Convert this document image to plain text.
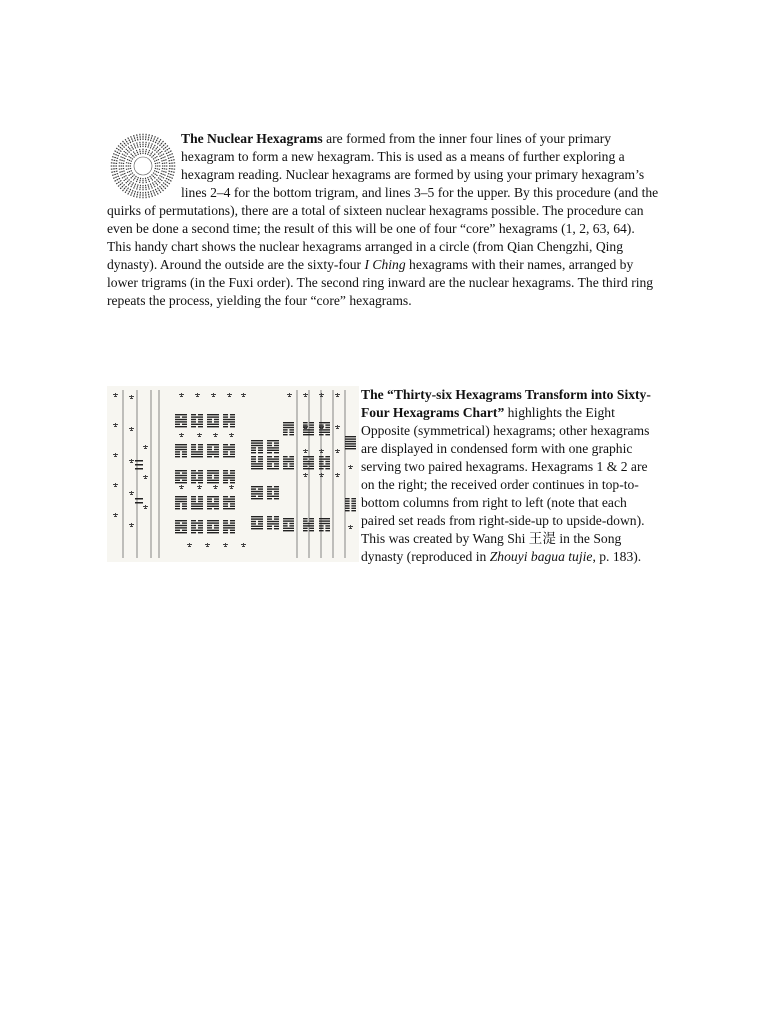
The Nuclear Hexagrams are formed from the inner four lines of your primary hexagram to form a new hexagram. This is used as a means of further exploring a hexagram reading. Nuclear hexagrams are formed by using your primary hexagram’s lines 2–4 for the bottom trigram, and lines 3–5 for the upper. By this procedure (and the quirks of permutations), there are a total of sixteen nuclear hexagrams possible. The procedure can even be done a second time; the result of this will be one of four “core” hexagrams (1, 2, 63, 64). This handy chart shows the nuclear hexagrams arranged in a circle (from Qian Chengzhi, Qing dynasty). Around the outside are the sixty-four I Ching hexagrams with their names, arranged by lower trigrams (in the Fuxi order). The second ring inward are the nuclear hexagrams. The third ring repeats the process, yielding the four “core” hexagrams.

The “Thirty-six Hexagrams Transform into Sixty-Four Hexagrams Chart” highlights the Eight Opposite (symmetrical) hexagrams; other hexagrams are displayed in condensed form with one graphic serving two paired hexagrams. Hexagrams 1 & 2 are on the right; the received order continues in top-to-bottom columns from right to left (note that each paired set reads from right-side-up to upside-down). This was created by Wang Shi 王湜 in the Song dynasty (reproduced in Zhouyi bagua tujie, p. 183).
